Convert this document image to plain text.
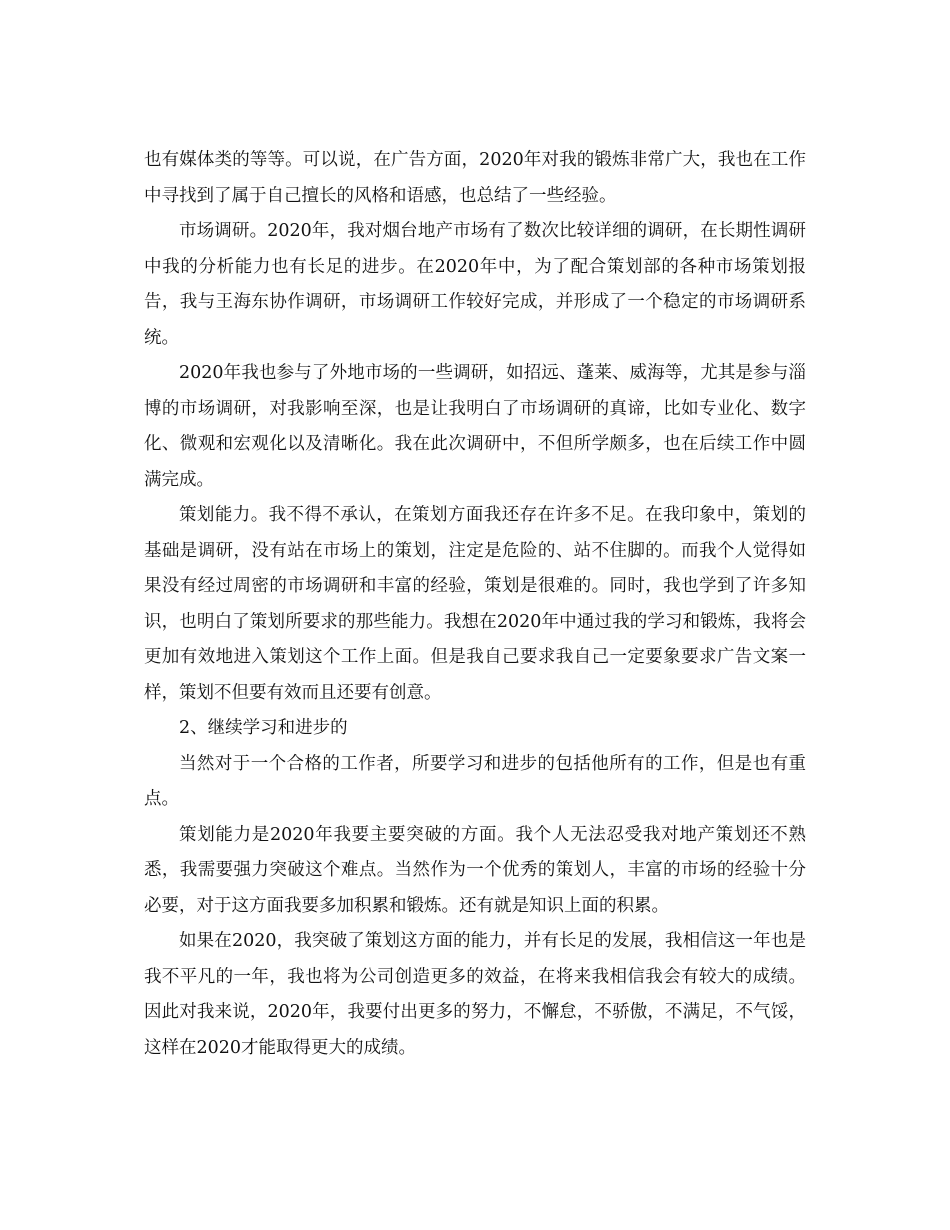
也有媒体类的等等。可以说，在广告方面，2020年对我的锻炼非常广大，我也在工作中寻找到了属于自己擅长的风格和语感，也总结了一些经验。

市场调研。2020年，我对烟台地产市场有了数次比较详细的调研，在长期性调研中我的分析能力也有长足的进步。在2020年中，为了配合策划部的各种市场策划报告，我与王海东协作调研，市场调研工作较好完成，并形成了一个稳定的市场调研系统。

2020年我也参与了外地市场的一些调研，如招远、蓬莱、威海等，尤其是参与淄博的市场调研，对我影响至深，也是让我明白了市场调研的真谛，比如专业化、数字化、微观和宏观化以及清晰化。我在此次调研中，不但所学颇多，也在后续工作中圆满完成。

策划能力。我不得不承认，在策划方面我还存在许多不足。在我印象中，策划的基础是调研，没有站在市场上的策划，注定是危险的、站不住脚的。而我个人觉得如果没有经过周密的市场调研和丰富的经验，策划是很难的。同时，我也学到了许多知识，也明白了策划所要求的那些能力。我想在2020年中通过我的学习和锻炼，我将会更加有效地进入策划这个工作上面。但是我自己要求我自己一定要象要求广告文案一样，策划不但要有效而且还要有创意。

2、继续学习和进步的

当然对于一个合格的工作者，所要学习和进步的包括他所有的工作，但是也有重点。

策划能力是2020年我要主要突破的方面。我个人无法忍受我对地产策划还不熟悉，我需要强力突破这个难点。当然作为一个优秀的策划人，丰富的市场的经验十分必要，对于这方面我要多加积累和锻炼。还有就是知识上面的积累。

如果在2020，我突破了策划这方面的能力，并有长足的发展，我相信这一年也是我不平凡的一年，我也将为公司创造更多的效益，在将来我相信我会有较大的成绩。因此对我来说，2020年，我要付出更多的努力，不懈怠，不骄傲，不满足，不气馁，这样在2020才能取得更大的成绩。
